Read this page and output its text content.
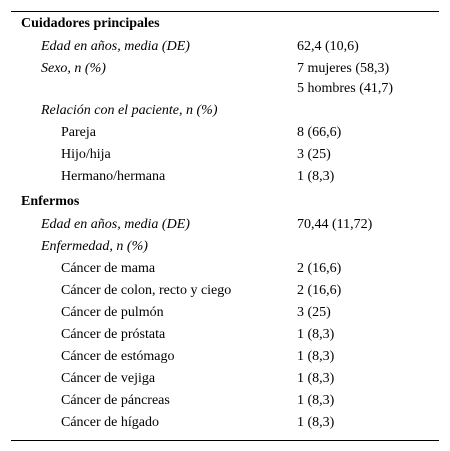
Cuidadores principales
Edad en años, media (DE)	62,4 (10,6)
Sexo, n (%)	7 mujeres (58,3)
5 hombres (41,7)
Relación con el paciente, n (%)
Pareja	8 (66,6)
Hijo/hija	3 (25)
Hermano/hermana	1 (8,3)
Enfermos
Edad en años, media (DE)	70,44 (11,72)
Enfermedad, n (%)
Cáncer de mama	2 (16,6)
Cáncer de colon, recto y ciego	2 (16,6)
Cáncer de pulmón	3 (25)
Cáncer de próstata	1 (8,3)
Cáncer de estómago	1 (8,3)
Cáncer de vejiga	1 (8,3)
Cáncer de páncreas	1 (8,3)
Cáncer de hígado	1 (8,3)
